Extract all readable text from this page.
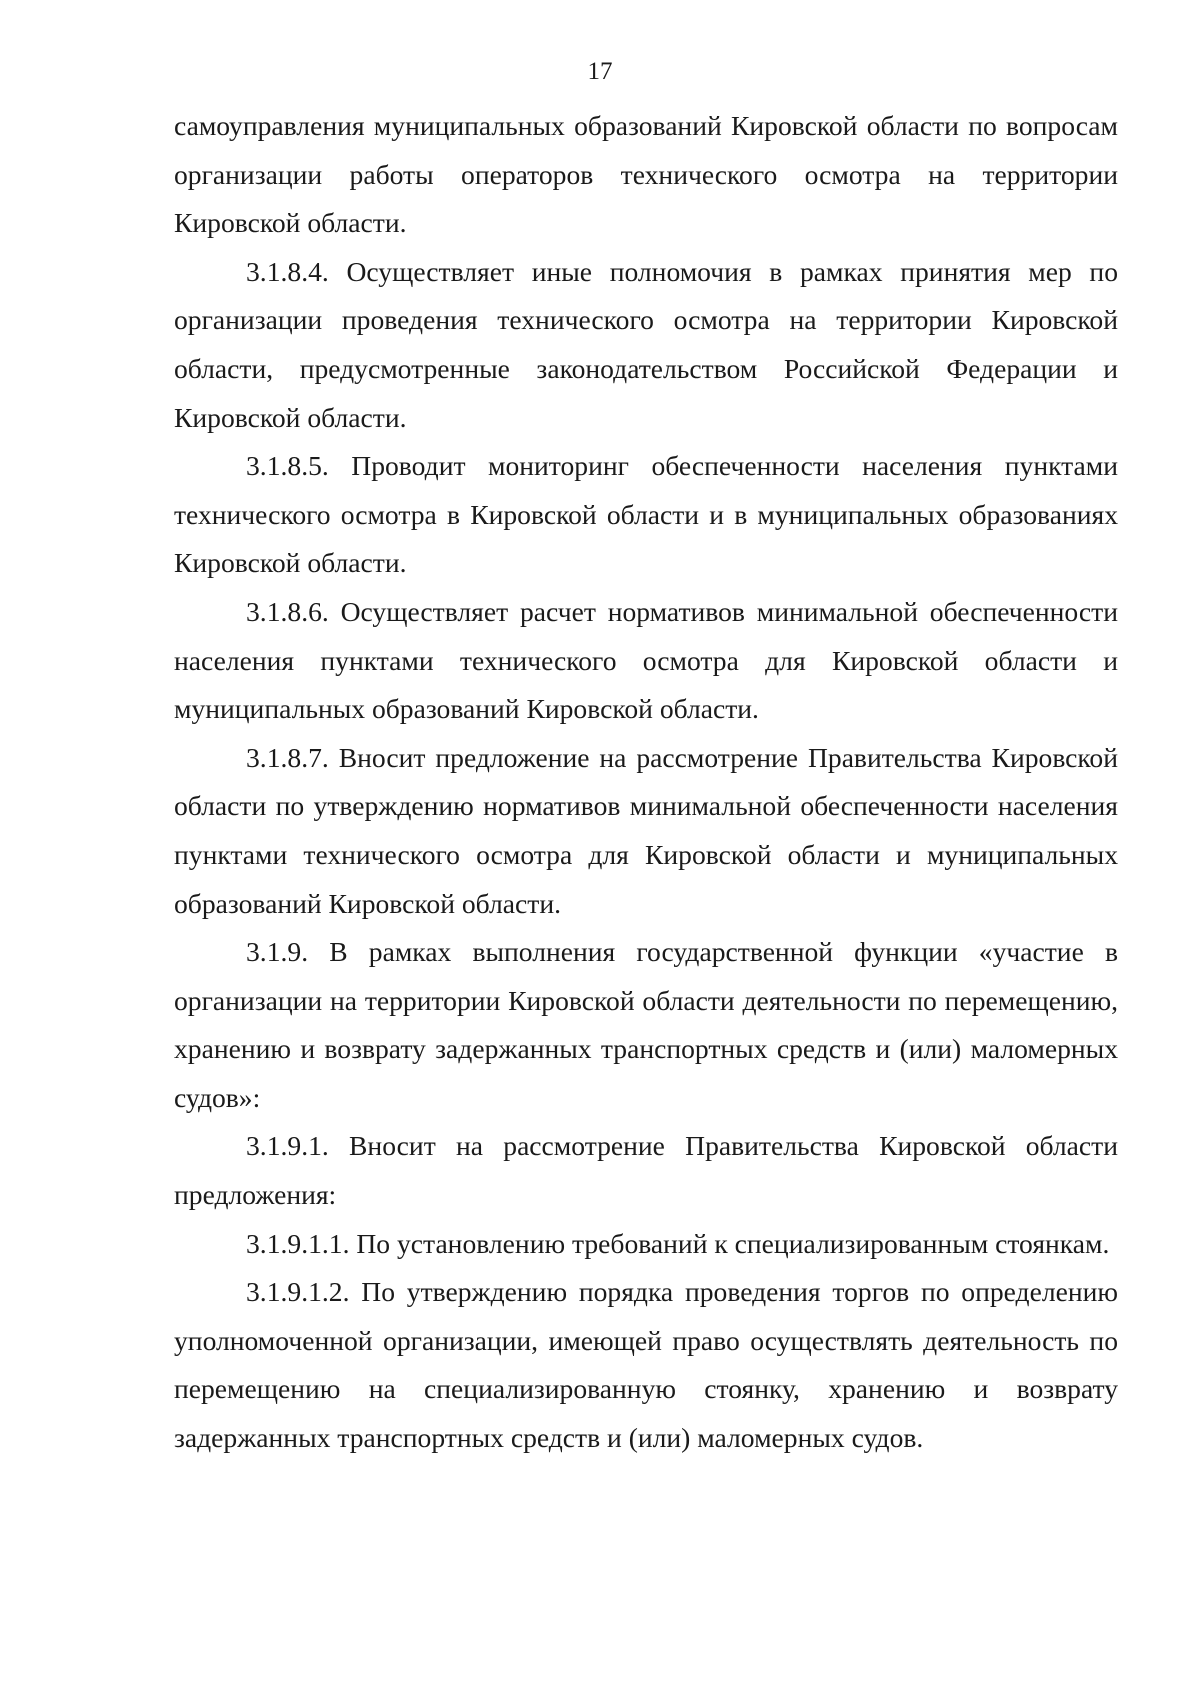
17

самоуправления муниципальных образований Кировской области по вопросам организации работы операторов технического осмотра на территории Кировской области.

3.1.8.4. Осуществляет иные полномочия в рамках принятия мер по организации проведения технического осмотра на территории Кировской области, предусмотренные законодательством Российской Федерации и Кировской области.

3.1.8.5. Проводит мониторинг обеспеченности населения пунктами технического осмотра в Кировской области и в муниципальных образованиях Кировской области.

3.1.8.6. Осуществляет расчет нормативов минимальной обеспеченности населения пунктами технического осмотра для Кировской области и муниципальных образований Кировской области.

3.1.8.7. Вносит предложение на рассмотрение Правительства Кировской области по утверждению нормативов минимальной обеспеченности населения пунктами технического осмотра для Кировской области и муниципальных образований Кировской области.

3.1.9. В рамках выполнения государственной функции «участие в организации на территории Кировской области деятельности по перемещению, хранению и возврату задержанных транспортных средств и (или) маломерных судов»:

3.1.9.1. Вносит на рассмотрение Правительства Кировской области предложения:

3.1.9.1.1. По установлению требований к специализированным стоянкам.

3.1.9.1.2. По утверждению порядка проведения торгов по определению уполномоченной организации, имеющей право осуществлять деятельность по перемещению на специализированную стоянку, хранению и возврату задержанных транспортных средств и (или) маломерных судов.
